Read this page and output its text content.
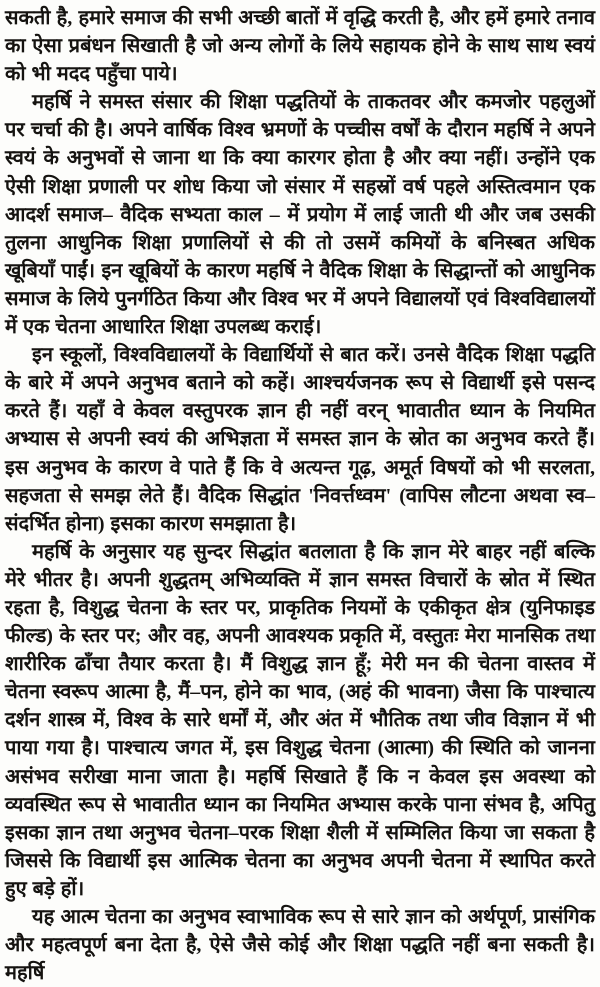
सकती है, हमारे समाज की सभी अच्छी बातों में वृद्धि करती है, और हमें हमारे तनाव का ऐसा प्रबंधन सिखाती है जो अन्य लोगों के लिये सहायक होने के साथ साथ स्वयं को भी मदद पहुँचा पाये।

महर्षि ने समस्त संसार की शिक्षा पद्धतियों के ताकतवर और कमजोर पहलुओं पर चर्चा की है। अपने वार्षिक विश्व भ्रमणों के पच्चीस वर्षों के दौरान महर्षि ने अपने स्वयं के अनुभवों से जाना था कि क्या कारगर होता है और क्या नहीं। उन्होंने एक ऐसी शिक्षा प्रणाली पर शोध किया जो संसार में सहस्रों वर्ष पहले अस्तित्वमान एक आदर्श समाज– वैदिक सभ्यता काल – में प्रयोग में लाई जाती थी और जब उसकी तुलना आधुनिक शिक्षा प्रणालियों से की तो उसमें कमियों के बनिस्बत अधिक खूबियाँ पाईं। इन खूबियों के कारण महर्षि ने वैदिक शिक्षा के सिद्धान्तों को आधुनिक समाज के लिये पुनर्गठित किया और विश्व भर में अपने विद्यालयों एवं विश्वविद्यालयों में एक चेतना आधारित शिक्षा उपलब्ध कराई।

इन स्कूलों, विश्वविद्यालयों के विद्यार्थियों से बात करें। उनसे वैदिक शिक्षा पद्धति के बारे में अपने अनुभव बताने को कहें। आश्चर्यजनक रूप से विद्यार्थी इसे पसन्द करते हैं। यहाँ वे केवल वस्तुपरक ज्ञान ही नहीं वरन् भावातीत ध्यान के नियमित अभ्यास से अपनी स्वयं की अभिज्ञता में समस्त ज्ञान के स्रोत का अनुभव करते हैं। इस अनुभव के कारण वे पाते हैं कि वे अत्यन्त गूढ़, अमूर्त विषयों को भी सरलता, सहजता से समझ लेते हैं। वैदिक सिद्धांत 'निवर्त्तध्वम' (वापिस लौटना अथवा स्व–संदर्भित होना) इसका कारण समझाता है।

महर्षि के अनुसार यह सुन्दर सिद्धांत बतलाता है कि ज्ञान मेरे बाहर नहीं बल्कि मेरे भीतर है। अपनी शुद्धतम् अभिव्यक्ति में ज्ञान समस्त विचारों के स्रोत में स्थित रहता है, विशुद्ध चेतना के स्तर पर, प्राकृतिक नियमों के एकीकृत क्षेत्र (युनिफाइड फील्ड) के स्तर पर; और वह, अपनी आवश्यक प्रकृति में, वस्तुतः मेरा मानसिक तथा शारीरिक ढाँचा तैयार करता है। मैं विशुद्ध ज्ञान हूँ; मेरी मन की चेतना वास्तव में चेतना स्वरूप आत्मा है, मैं–पन, होने का भाव, (अहं की भावना) जैसा कि पाश्चात्य दर्शन शास्त्र में, विश्व के सारे धर्मों में, और अंत में भौतिक तथा जीव विज्ञान में भी पाया गया है। पाश्चात्य जगत में, इस विशुद्ध चेतना (आत्मा) की स्थिति को जानना असंभव सरीखा माना जाता है। महर्षि सिखाते हैं कि न केवल इस अवस्था को व्यवस्थित रूप से भावातीत ध्यान का नियमित अभ्यास करके पाना संभव है, अपितु इसका ज्ञान तथा अनुभव चेतना–परक शिक्षा शैली में सम्मिलित किया जा सकता है जिससे कि विद्यार्थी इस आत्मिक चेतना का अनुभव अपनी चेतना में स्थापित करते हुए बड़े हों।

यह आत्म चेतना का अनुभव स्वाभाविक रूप से सारे ज्ञान को अर्थपूर्ण, प्रासंगिक और महत्वपूर्ण बना देता है, ऐसे जैसे कोई और शिक्षा पद्धति नहीं बना सकती है। महर्षि
